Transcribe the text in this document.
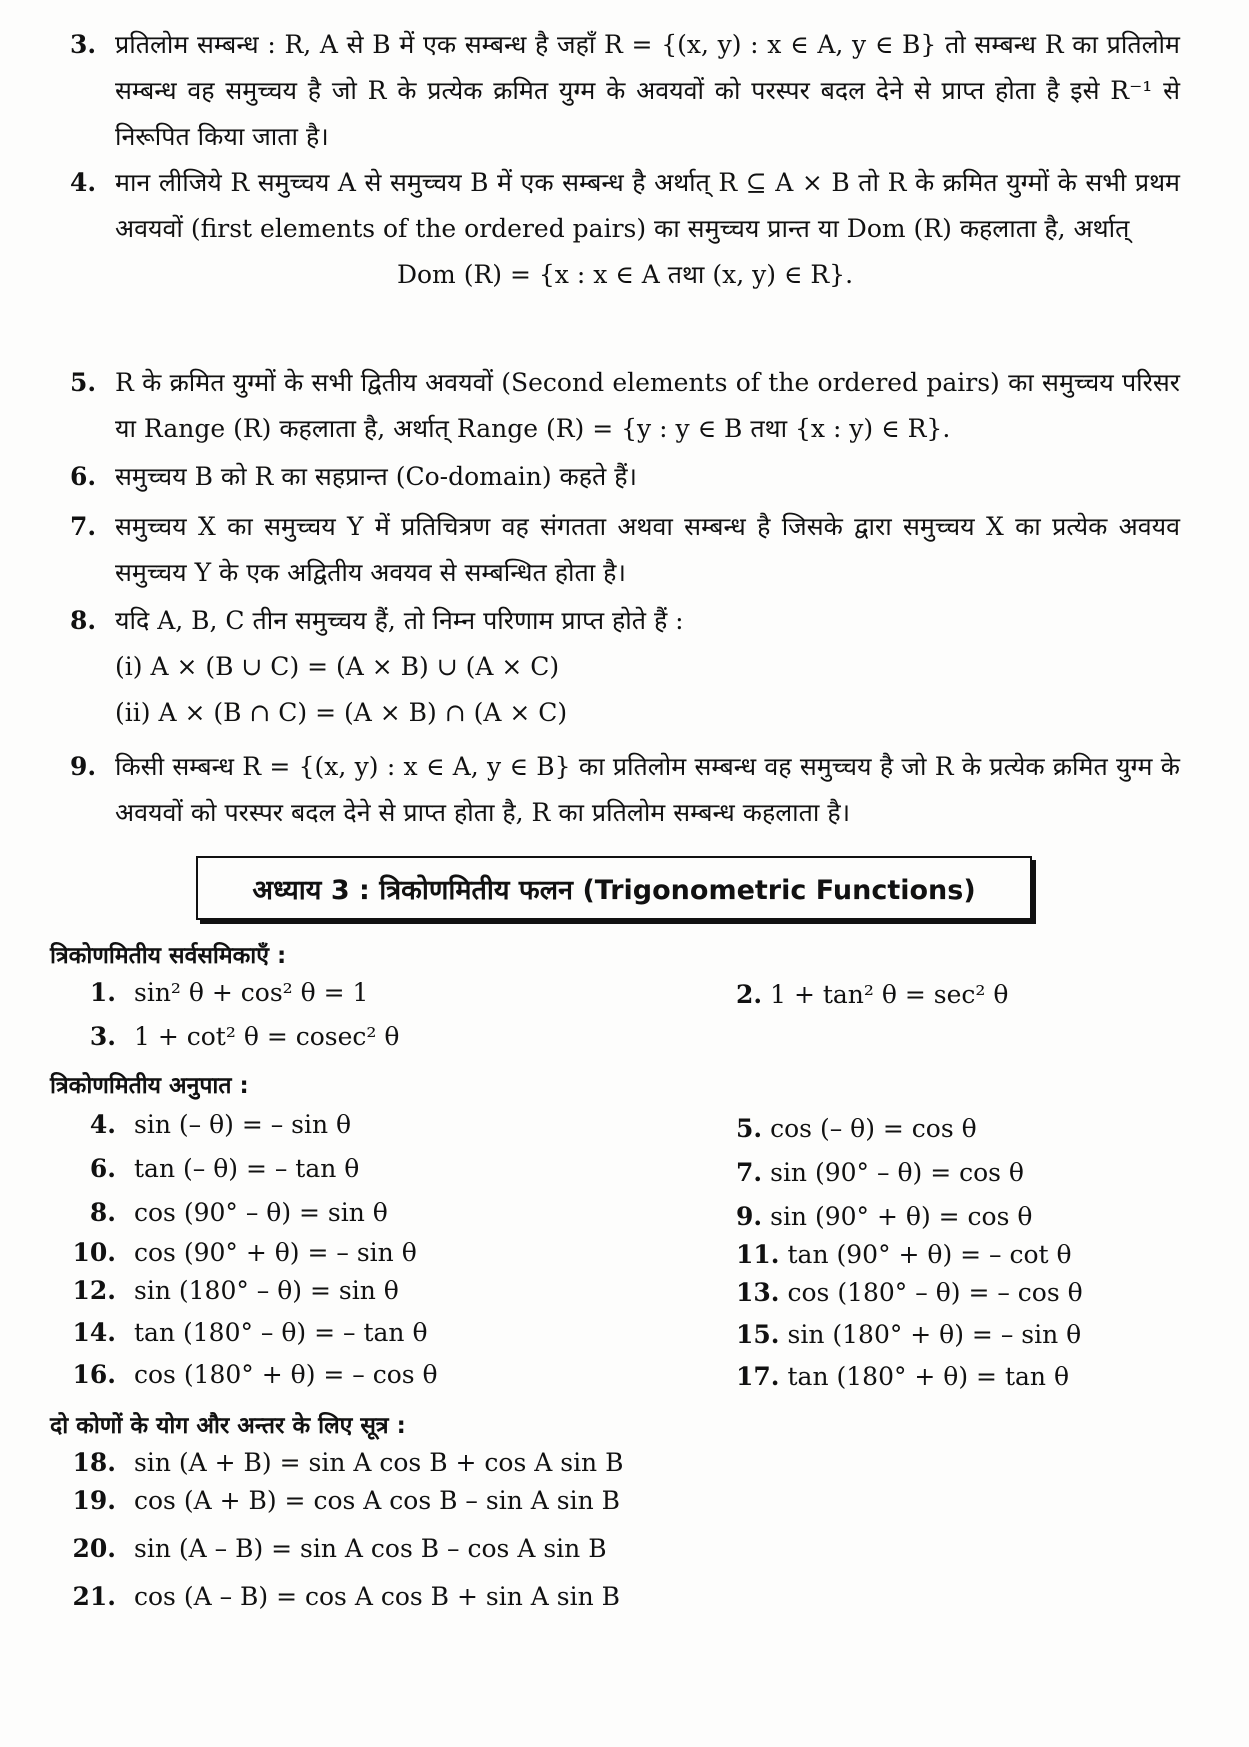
3. प्रतिलोम सम्बन्ध : R, A से B में एक सम्बन्ध है जहाँ R = {(x, y) : x ∈ A, y ∈ B} तो सम्बन्ध R का प्रतिलोम सम्बन्ध वह समुच्चय है जो R के प्रत्येक क्रमित युग्म के अवयवों को परस्पर बदल देने से प्राप्त होता है इसे R⁻¹ से निरूपित किया जाता है।
4. मान लीजिये R समुच्चय A से समुच्चय B में एक सम्बन्ध है अर्थात् R ⊆ A × B तो R के क्रमित युग्मों के सभी प्रथम अवयवों (first elements of the ordered pairs) का समुच्चय प्रान्त या Dom (R) कहलाता है, अर्थात्
Dom (R) = {x : x ∈ A तथा (x, y) ∈ R}.
5. R के क्रमित युग्मों के सभी द्वितीय अवयवों (Second elements of the ordered pairs) का समुच्चय परिसर या Range (R) कहलाता है, अर्थात् Range (R) = {y : y ∈ B तथा {x : y) ∈ R}.
6. समुच्चय B को R का सहप्रान्त (Co-domain) कहते हैं।
7. समुच्चय X का समुच्चय Y में प्रतिचित्रण वह संगतता अथवा सम्बन्ध है जिसके द्वारा समुच्चय X का प्रत्येक अवयव समुच्चय Y के एक अद्वितीय अवयव से सम्बन्धित होता है।
8. यदि A, B, C तीन समुच्चय हैं, तो निम्न परिणाम प्राप्त होते हैं :
(i) A × (B ∪ C) = (A × B) ∪ (A × C)
(ii) A × (B ∩ C) = (A × B) ∩ (A × C)
9. किसी सम्बन्ध R = {(x, y) : x ∈ A, y ∈ B} का प्रतिलोम सम्बन्ध वह समुच्चय है जो R के प्रत्येक क्रमित युग्म के अवयवों को परस्पर बदल देने से प्राप्त होता है, R का प्रतिलोम सम्बन्ध कहलाता है।
अध्याय 3 : त्रिकोणमितीय फलन (Trigonometric Functions)
त्रिकोणमितीय सर्वसमिकाएँ :
1. sin² θ + cos² θ = 1	2. 1 + tan² θ = sec² θ
3. 1 + cot² θ = cosec² θ
त्रिकोणमितीय अनुपात :
4. sin (– θ) = – sin θ	5. cos (– θ) = cos θ
6. tan (– θ) = – tan θ	7. sin (90° – θ) = cos θ
8. cos (90° – θ) = sin θ	9. sin (90° + θ) = cos θ
10. cos (90° + θ) = – sin θ	11. tan (90° + θ) = – cot θ
12. sin (180° – θ) = sin θ	13. cos (180° – θ) = – cos θ
14. tan (180° – θ) = – tan θ	15. sin (180° + θ) = – sin θ
16. cos (180° + θ) = – cos θ	17. tan (180° + θ) = tan θ
दो कोणों के योग और अन्तर के लिए सूत्र :
18. sin (A + B) = sin A cos B + cos A sin B
19. cos (A + B) = cos A cos B – sin A sin B
20. sin (A – B) = sin A cos B – cos A sin B
21. cos (A – B) = cos A cos B + sin A sin B
